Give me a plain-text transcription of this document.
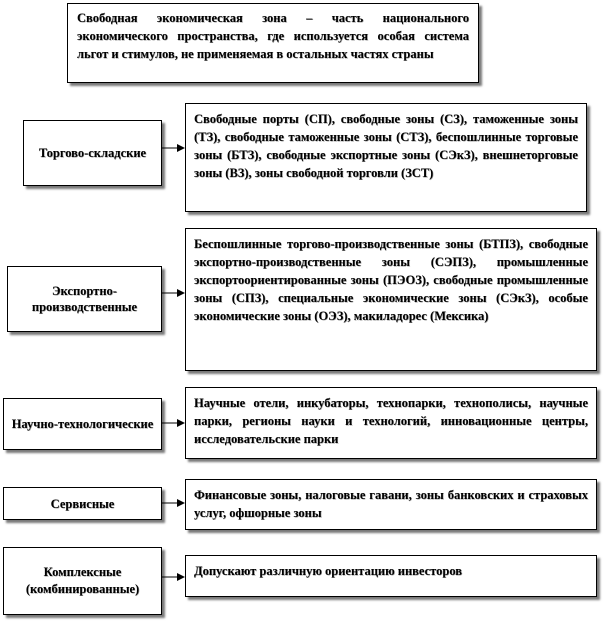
Свободная экономическая зона – часть национального экономического пространства, где используется особая система льгот и стимулов, не применяемая в остальных частях страны
Торгово-складские
Экспортно-производственные
Научно-технологические
Сервисные
Комплексные (комбинированные)
Свободные порты (СП), свободные зоны (СЗ), таможенные зоны (ТЗ), свободные таможенные зоны (СТЗ), беспошлинные торговые зоны (БТЗ), свободные экспортные зоны (СЭкЗ), внешнеторговые зоны (ВЗ), зоны свободной торговли (ЗСТ)
Беспошлинные торгово-производственные зоны (БТПЗ), свободные экспортно-производственные зоны (СЭПЗ), промышленные экспортоориентированные зоны (ПЭОЗ), свободные промышленные зоны (СПЗ), специальные экономические зоны (СЭкЗ), особые экономические зоны (ОЭЗ), макиладорес (Мексика)
Научные отели, инкубаторы, технопарки, технополисы, научные парки, регионы науки и технологий, инновационные центры, исследовательские парки
Финансовые зоны, налоговые гавани, зоны банковских и страховых услуг, офшорные зоны
Допускают различную ориентацию инвесторов
